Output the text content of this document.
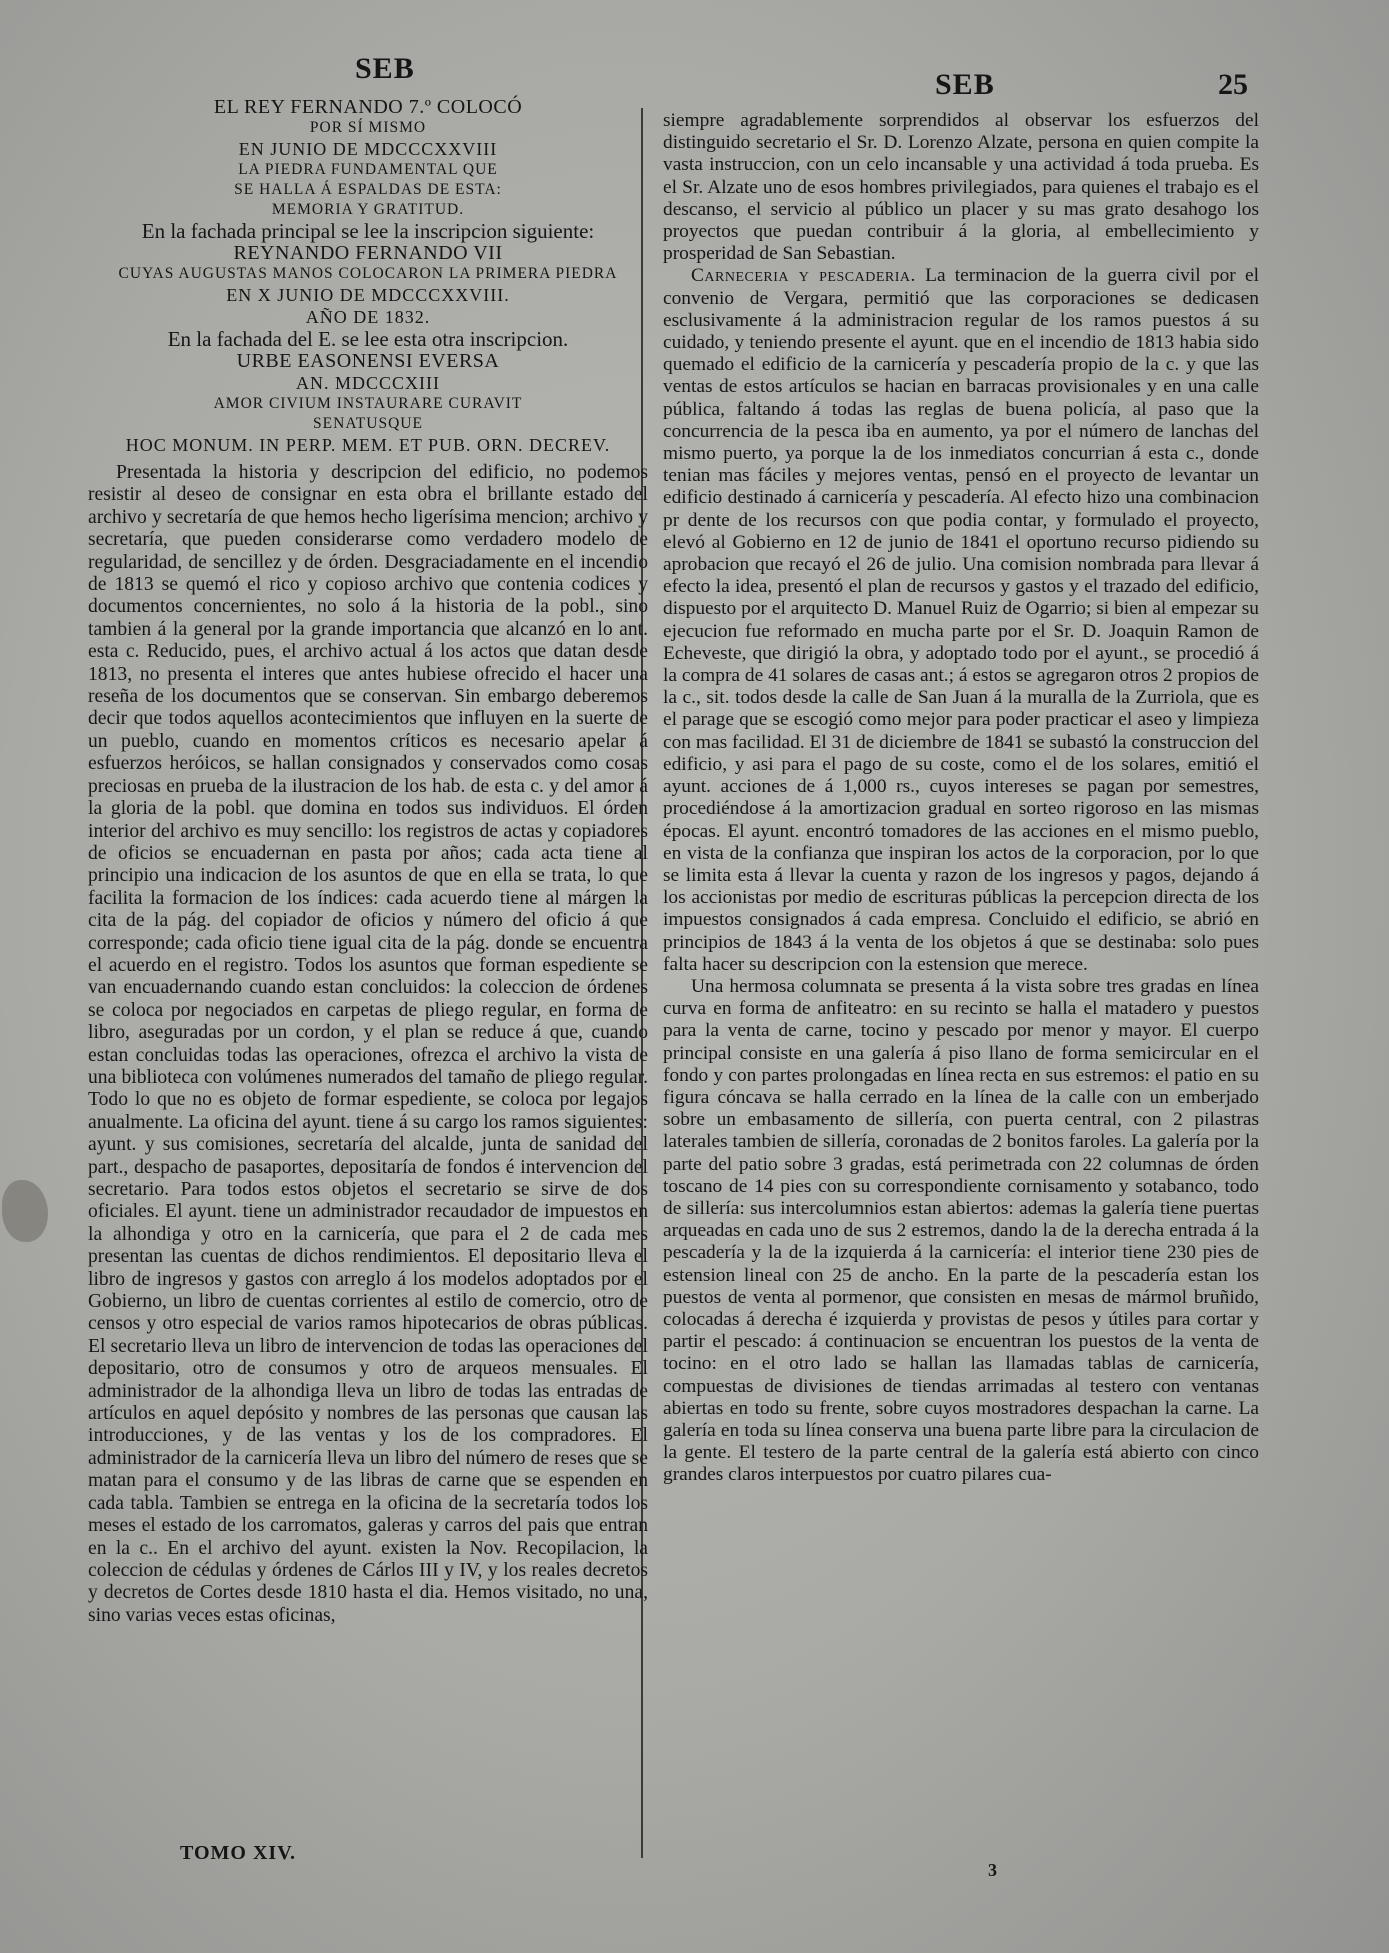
SEB	SEB	25

EL REY FERNANDO 7.º COLOCÓ

POR SÍ MISMO

EN JUNIO DE MDCCCXXVIII

LA PIEDRA FUNDAMENTAL QUE

SE HALLA Á ESPALDAS DE ESTA:

MEMORIA Y GRATITUD.

En la fachada principal se lee la inscripcion siguiente:

REYNANDO FERNANDO VII

CUYAS AUGUSTAS MANOS COLOCARON LA PRIMERA PIEDRA

EN X JUNIO DE MDCCCXXVIII.

AÑO DE 1832.

En la fachada del E. se lee esta otra inscripcion.

URBE EASONENSI EVERSA

AN. MDCCCXIII

AMOR CIVIUM INSTAURARE CURAVIT

SENATUSQUE

HOC MONUM. IN PERP. MEM. ET PUB. ORN. DECREV.

Presentada la historia y descripcion del edificio, no podemos resistir al deseo de consignar en esta obra el brillante estado del archivo y secretaría de que hemos hecho ligerísima mencion; archivo y secretaría, que pueden considerarse como verdadero modelo de regularidad, de sencillez y de órden. Desgraciadamente en el incendio de 1813 se quemó el rico y copioso archivo que contenia codices y documentos concernientes, no solo á la historia de la pobl., sino tambien á la general por la grande importancia que alcanzó en lo ant. esta c. Reducido, pues, el archivo actual á los actos que datan desde 1813, no presenta el interes que antes hubiese ofrecido el hacer una reseña de los documentos que se conservan. Sin embargo deberemos decir que todos aquellos acontecimientos que influyen en la suerte de un pueblo, cuando en momentos críticos es necesario apelar á esfuerzos heróicos, se hallan consignados y conservados como cosas preciosas en prueba de la ilustracion de los hab. de esta c. y del amor á la gloria de la pobl. que domina en todos sus individuos. El órden interior del archivo es muy sencillo: los registros de actas y copiadores de oficios se encuadernan en pasta por años; cada acta tiene al principio una indicacion de los asuntos de que en ella se trata, lo que facilita la formacion de los índices: cada acuerdo tiene al márgen la cita de la pág. del copiador de oficios y número del oficio á que corresponde; cada oficio tiene igual cita de la pág. donde se encuentra el acuerdo en el registro. Todos los asuntos que forman espediente se van encuadernando cuando estan concluidos: la coleccion de órdenes se coloca por negociados en carpetas de pliego regular, en forma de libro, aseguradas por un cordon, y el plan se reduce á que, cuando estan concluidas todas las operaciones, ofrezca el archivo la vista de una biblioteca con volúmenes numerados del tamaño de pliego regular. Todo lo que no es objeto de formar espediente, se coloca por legajos anualmente. La oficina del ayunt. tiene á su cargo los ramos siguientes: ayunt. y sus comisiones, secretaría del alcalde, junta de sanidad del part., despacho de pasaportes, depositaría de fondos é intervencion del secretario. Para todos estos objetos el secretario se sirve de dos oficiales. El ayunt. tiene un administrador recaudador de impuestos en la alhondiga y otro en la carnicería, que para el 2 de cada mes presentan las cuentas de dichos rendimientos. El depositario lleva el libro de ingresos y gastos con arreglo á los modelos adoptados por el Gobierno, un libro de cuentas corrientes al estilo de comercio, otro de censos y otro especial de varios ramos hipotecarios de obras públicas. El secretario lleva un libro de intervencion de todas las operaciones del depositario, otro de consumos y otro de arqueos mensuales. El administrador de la alhondiga lleva un libro de todas las entradas de artículos en aquel depósito y nombres de las personas que causan las introducciones, y de las ventas y los de los compradores. El administrador de la carnicería lleva un libro del número de reses que se matan para el consumo y de las libras de carne que se espenden en cada tabla. Tambien se entrega en la oficina de la secretaría todos los meses el estado de los carromatos, galeras y carros del pais que entran en la c.. En el archivo del ayunt. existen la Nov. Recopilacion, la coleccion de cédulas y órdenes de Cárlos III y IV, y los reales decretos y decretos de Cortes desde 1810 hasta el dia. Hemos visitado, no una, sino varias veces estas oficinas,

siempre agradablemente sorprendidos al observar los esfuerzos del distinguido secretario el Sr. D. Lorenzo Alzate, persona en quien compite la vasta instruccion, con un celo incansable y una actividad á toda prueba. Es el Sr. Alzate uno de esos hombres privilegiados, para quienes el trabajo es el descanso, el servicio al público un placer y su mas grato desahogo los proyectos que puedan contribuir á la gloria, al embellecimiento y prosperidad de San Sebastian.

Carneceria y pescaderia. La terminacion de la guerra civil por el convenio de Vergara, permitió que las corporaciones se dedicasen esclusivamente á la administracion regular de los ramos puestos á su cuidado, y teniendo presente el ayunt. que en el incendio de 1813 habia sido quemado el edificio de la carnicería y pescadería propio de la c. y que las ventas de estos artículos se hacian en barracas provisionales y en una calle pública, faltando á todas las reglas de buena policía, al paso que la concurrencia de la pesca iba en aumento, ya por el número de lanchas del mismo puerto, ya porque la de los inmediatos concurrian á esta c., donde tenian mas fáciles y mejores ventas, pensó en el proyecto de levantar un edificio destinado á carnicería y pescadería. Al efecto hizo una combinacion pr dente de los recursos con que podia contar, y formulado el proyecto, elevó al Gobierno en 12 de junio de 1841 el oportuno recurso pidiendo su aprobacion que recayó el 26 de julio. Una comision nombrada para llevar á efecto la idea, presentó el plan de recursos y gastos y el trazado del edificio, dispuesto por el arquitecto D. Manuel Ruiz de Ogarrio; si bien al empezar su ejecucion fue reformado en mucha parte por el Sr. D. Joaquin Ramon de Echeveste, que dirigió la obra, y adoptado todo por el ayunt., se procedió á la compra de 41 solares de casas ant.; á estos se agregaron otros 2 propios de la c., sit. todos desde la calle de San Juan á la muralla de la Zurriola, que es el parage que se escogió como mejor para poder practicar el aseo y limpieza con mas facilidad. El 31 de diciembre de 1841 se subastó la construccion del edificio, y asi para el pago de su coste, como el de los solares, emitió el ayunt. acciones de á 1,000 rs., cuyos intereses se pagan por semestres, procediéndose á la amortizacion gradual en sorteo rigoroso en las mismas épocas. El ayunt. encontró tomadores de las acciones en el mismo pueblo, en vista de la confianza que inspiran los actos de la corporacion, por lo que se limita esta á llevar la cuenta y razon de los ingresos y pagos, dejando á los accionistas por medio de escrituras públicas la percepcion directa de los impuestos consignados á cada empresa. Concluido el edificio, se abrió en principios de 1843 á la venta de los objetos á que se destinaba: solo pues falta hacer su descripcion con la estension que merece.

Una hermosa columnata se presenta á la vista sobre tres gradas en línea curva en forma de anfiteatro: en su recinto se halla el matadero y puestos para la venta de carne, tocino y pescado por menor y mayor. El cuerpo principal consiste en una galería á piso llano de forma semicircular en el fondo y con partes prolongadas en línea recta en sus estremos: el patio en su figura cóncava se halla cerrado en la línea de la calle con un emberjado sobre un embasamento de sillería, con puerta central, con 2 pilastras laterales tambien de sillería, coronadas de 2 bonitos faroles. La galería por la parte del patio sobre 3 gradas, está perimetrada con 22 columnas de órden toscano de 14 pies con su correspondiente cornisamento y sotabanco, todo de sillería: sus intercolumnios estan abiertos: ademas la galería tiene puertas arqueadas en cada uno de sus 2 estremos, dando la de la derecha entrada á la pescadería y la de la izquierda á la carnicería: el interior tiene 230 pies de estension lineal con 25 de ancho. En la parte de la pescadería estan los puestos de venta al pormenor, que consisten en mesas de mármol bruñido, colocadas á derecha é izquierda y provistas de pesos y útiles para cortar y partir el pescado: á continuacion se encuentran los puestos de la venta de tocino: en el otro lado se hallan las llamadas tablas de carnicería, compuestas de divisiones de tiendas arrimadas al testero con ventanas abiertas en todo su frente, sobre cuyos mostradores despachan la carne. La galería en toda su línea conserva una buena parte libre para la circulacion de la gente. El testero de la parte central de la galería está abierto con cinco grandes claros interpuestos por cuatro pilares cua-

TOMO XIV.
3
